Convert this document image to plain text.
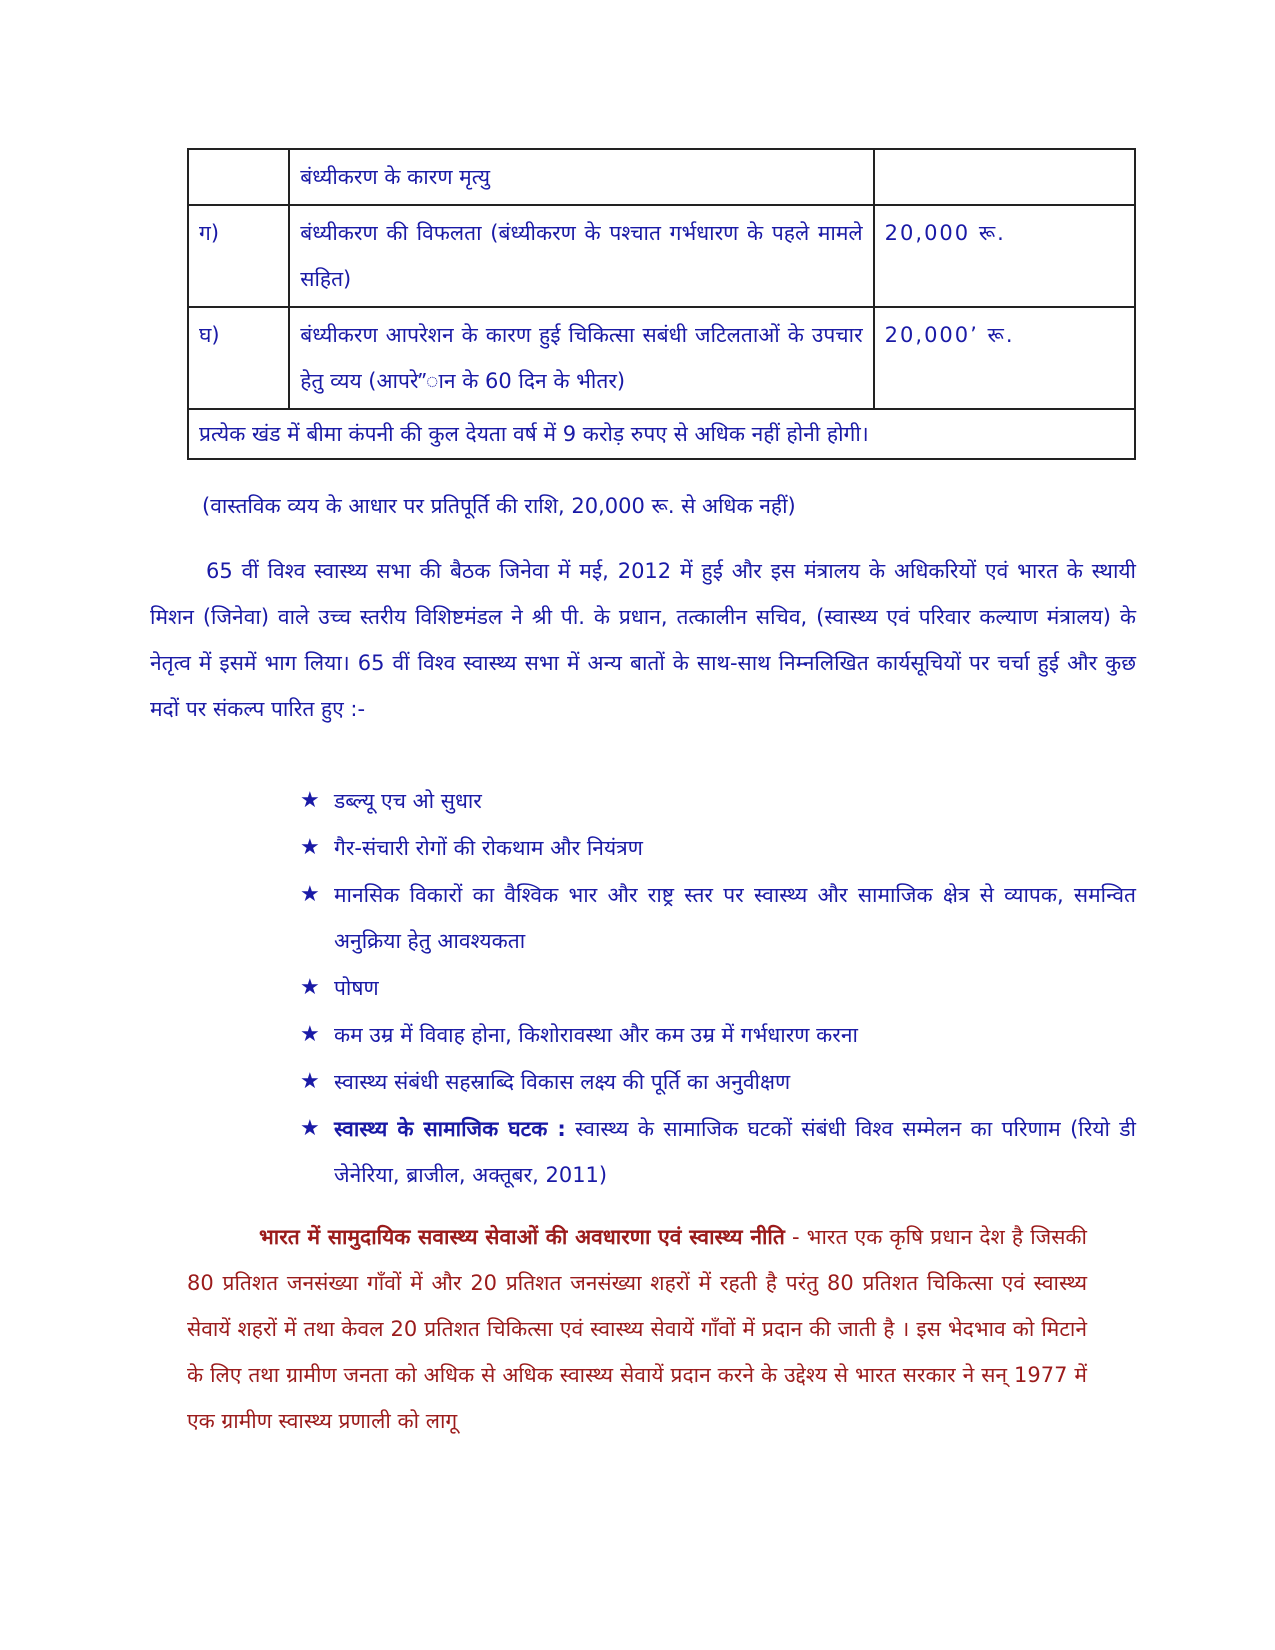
	बंध्यीकरण के कारण मृत्यु	
ग)	बंध्यीकरण की विफलता (बंध्यीकरण के पश्चात गर्भधारण के पहले मामले सहित)	20,000 रू.
घ)	बंध्यीकरण आपरेशन के कारण हुई चिकित्सा सबंधी जटिलताओं के उपचार हेतु व्यय (आपरे”ान के 60 दिन के भीतर)	20,000’ रू.
प्रत्येक खंड में बीमा कंपनी की कुल देयता वर्ष में 9 करोड़ रुपए से अधिक नहीं होनी होगी।		
(वास्तविक व्यय के आधार पर प्रतिपूर्ति की राशि, 20,000 रू. से अधिक नहीं)
65 वीं विश्‍व स्वास्थ्य सभा की बैठक जिनेवा में मई, 2012 में हुई और इस मंत्रालय के अधिकरियों एवं भारत के स्थायी मिशन (जिनेवा) वाले उच्च स्तरीय विशिष्टमंडल ने श्री पी. के प्रधान, तत्कालीन सचिव, (स्वास्थ्य एवं परिवार कल्याण मंत्रालय) के नेतृत्व में इसमें भाग लिया। 65 वीं विश्‍व स्वास्थ्य सभा में अन्य बातों के साथ-साथ निम्नलिखित कार्यसूचियों पर चर्चा हुई और कुछ मदों पर संकल्प पारित हुए :-
★ डब्ल्यू एच ओ सुधार
★ गैर-संचारी रोगों की रोकथाम और नियंत्रण
★ मानसिक विकारों का वैश्विक भार और राष्ट्र स्तर पर स्वास्थ्य और सामाजिक क्षेत्र से व्यापक, समन्वित अनुक्रिया हेतु आवश्यकता
★ पोषण
★ कम उम्र में विवाह होना, किशोरावस्था और कम उम्र में गर्भधारण करना
★ स्वास्थ्य संबंधी सहस्राब्दि विकास लक्ष्य की पूर्ति का अनुवीक्षण
★ स्वास्थ्य के सामाजिक घटक : स्वास्थ्य के सामाजिक घटकों संबंधी विश्‍व सम्मेलन का परिणाम (रियो डी जेनेरिया, ब्राजील, अक्तूबर, 2011)
भारत में सामुदायिक सवास्थ्य सेवाओं की अवधारणा एवं स्वास्थ्य नीति - भारत एक कृषि प्रधान देश है जिसकी 80 प्रतिशत जनसंख्या गाँवों में और 20 प्रतिशत जनसंख्या शहरों में रहती है परंतु 80 प्रतिशत चिकित्सा एवं स्वास्थ्य सेवायें शहरों में तथा केवल 20 प्रतिशत चिकित्सा एवं स्वास्थ्य सेवायें गाँवों में प्रदान की जाती है । इस भेदभाव को मिटाने के लिए तथा ग्रामीण जनता को अधिक से अधिक स्वास्थ्य सेवायें प्रदान करने के उद्देश्य से भारत सरकार ने सन् 1977 में एक ग्रामीण स्वास्थ्य प्रणाली को लागू
